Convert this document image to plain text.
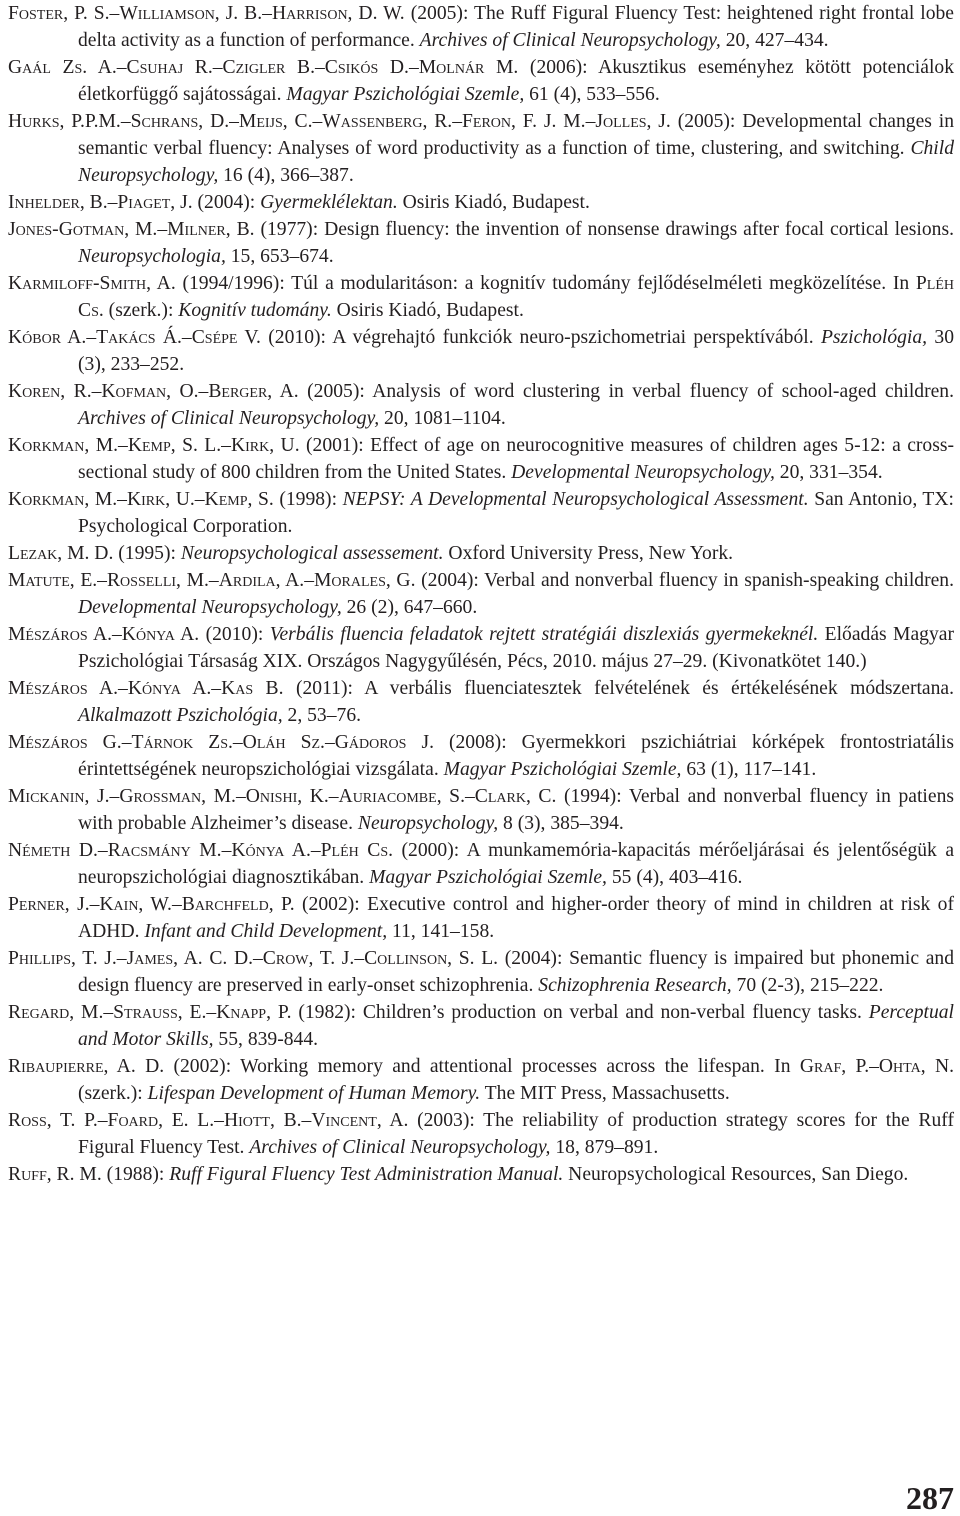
Foster, P. S.–Williamson, J. B.–Harrison, D. W. (2005): The Ruff Figural Fluency Test: heightened right frontal lobe delta activity as a function of performance. Archives of Clinical Neuropsychology, 20, 427–434.
Gaál Zs. A.–Csuhaj R.–Czigler B.–Csikós D.–Molnár M. (2006): Akusztikus eseményhez kötött potenciálok életkorfüggő sajátosságai. Magyar Pszichológiai Szemle, 61 (4), 533–556.
Hurks, P.P.M.–Schrans, D.–Meijs, C.–Wassenberg, R.–Feron, F. J. M.–Jolles, J. (2005): Developmental changes in semantic verbal fluency: Analyses of word productivity as a function of time, clustering, and switching. Child Neuropsychology, 16 (4), 366–387.
Inhelder, B.–Piaget, J. (2004): Gyermeklélektan. Osiris Kiadó, Budapest.
Jones-Gotman, M.–Milner, B. (1977): Design fluency: the invention of nonsense drawings after focal cortical lesions. Neuropsychologia, 15, 653–674.
Karmiloff-Smith, A. (1994/1996): Túl a modularitáson: a kognitív tudomány fejlődéselméleti megközelítése. In Pléh Cs. (szerk.): Kognitív tudomány. Osiris Kiadó, Budapest.
Kóbor A.–Takács Á.–Csépe V. (2010): A végrehajtó funkciók neuro-pszichometriai perspektívából. Pszichológia, 30 (3), 233–252.
Koren, R.–Kofman, O.–Berger, A. (2005): Analysis of word clustering in verbal fluency of school-aged children. Archives of Clinical Neuropsychology, 20, 1081–1104.
Korkman, M.–Kemp, S. L.–Kirk, U. (2001): Effect of age on neurocognitive measures of children ages 5-12: a cross-sectional study of 800 children from the United States. Developmental Neuropsychology, 20, 331–354.
Korkman, M.–Kirk, U.–Kemp, S. (1998): NEPSY: A Developmental Neuropsychological Assessment. San Antonio, TX: Psychological Corporation.
Lezak, M. D. (1995): Neuropsychological assessement. Oxford University Press, New York.
Matute, E.–Rosselli, M.–Ardila, A.–Morales, G. (2004): Verbal and nonverbal fluency in spanish-speaking children. Developmental Neuropsychology, 26 (2), 647–660.
Mészáros A.–Kónya A. (2010): Verbális fluencia feladatok rejtett stratégiái diszlexiás gyermekeknél. Előadás Magyar Pszichológiai Társaság XIX. Országos Nagygyűlésén, Pécs, 2010. május 27–29. (Kivonatkötet 140.)
Mészáros A.–Kónya A.–Kas B. (2011): A verbális fluenciatesztek felvételének és értékelésének módszertana. Alkalmazott Pszichológia, 2, 53–76.
Mészáros G.–Tárnok Zs.–Oláh Sz.–Gádoros J. (2008): Gyermekkori pszichiátriai kórképek frontostriatális érintettségének neuropszichológiai vizsgálata. Magyar Pszichológiai Szemle, 63 (1), 117–141.
Mickanin, J.–Grossman, M.–Onishi, K.–Auriacombe, S.–Clark, C. (1994): Verbal and nonverbal fluency in patiens with probable Alzheimer’s disease. Neuropsychology, 8 (3), 385–394.
Németh D.–Racsmány M.–Kónya A.–Pléh Cs. (2000): A munkamemória-kapacitás mérőeljárásai és jelentőségük a neuropszichológiai diagnosztikában. Magyar Pszichológiai Szemle, 55 (4), 403–416.
Perner, J.–Kain, W.–Barchfeld, P. (2002): Executive control and higher-order theory of mind in children at risk of ADHD. Infant and Child Development, 11, 141–158.
Phillips, T. J.–James, A. C. D.–Crow, T. J.–Collinson, S. L. (2004): Semantic fluency is impaired but phonemic and design fluency are preserved in early-onset schizophrenia. Schizophrenia Research, 70 (2-3), 215–222.
Regard, M.–Strauss, E.–Knapp, P. (1982): Children’s production on verbal and non-verbal fluency tasks. Perceptual and Motor Skills, 55, 839-844.
Ribaupierre, A. D. (2002): Working memory and attentional processes across the lifespan. In Graf, P.–Ohta, N. (szerk.): Lifespan Development of Human Memory. The MIT Press, Massachusetts.
Ross, T. P.–Foard, E. L.–Hiott, B.–Vincent, A. (2003): The reliability of production strategy scores for the Ruff Figural Fluency Test. Archives of Clinical Neuropsychology, 18, 879–891.
Ruff, R. M. (1988): Ruff Figural Fluency Test Administration Manual. Neuropsychological Resources, San Diego.
287
